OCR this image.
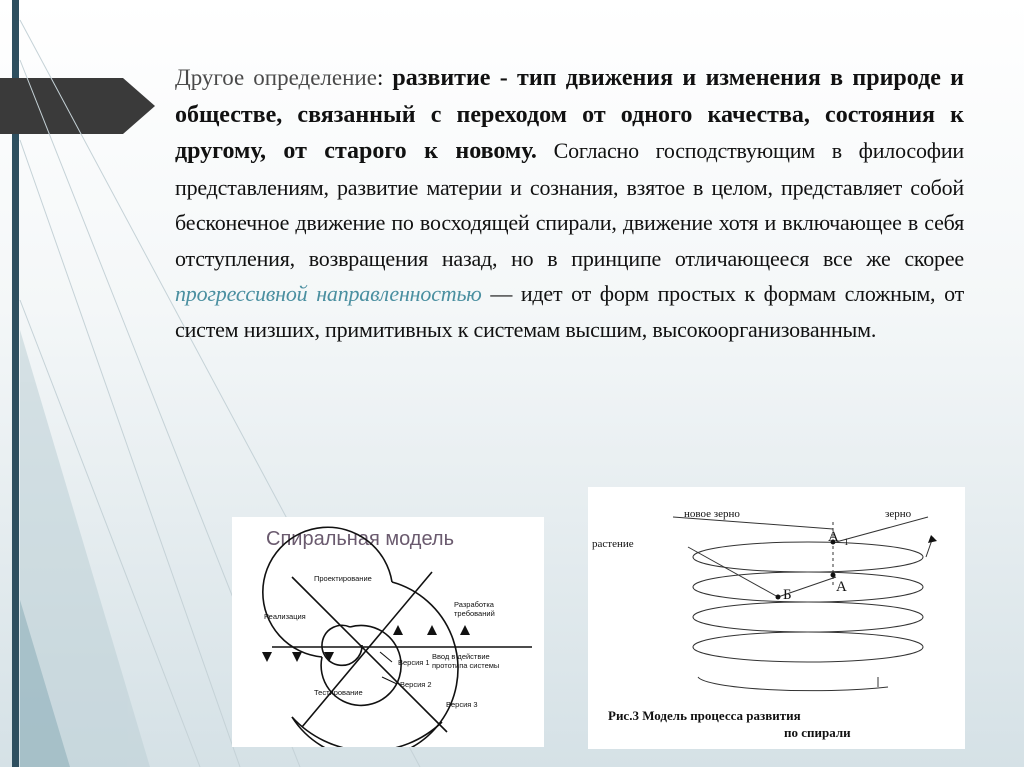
Другое определение: развитие - тип движения и изменения в природе и обществе, связанный с переходом от одного качества, состояния к другому, от старого к новому. Согласно господствующим в философии представлениям, развитие материи и сознания, взятое в целом, представляет собой бесконечное движение по восходящей спирали, движение хотя и включающее в себя отступления, возвращения назад, но в принципе отличающееся все же скорее прогрессивной направленностью — идет от форм простых к формам сложным, от систем низших, примитивных к системам высшим, высокоорганизованным.
Спиральная модель
Проектирование
Разработка
требований
Реализация
Тестирование
Ввод в действие
прототипа системы
Версия 1
Версия 2
Версия 3
новое зерно	зерно
растение	А 1
А
Б
Рис.3 Модель процесса развития
по спирали
